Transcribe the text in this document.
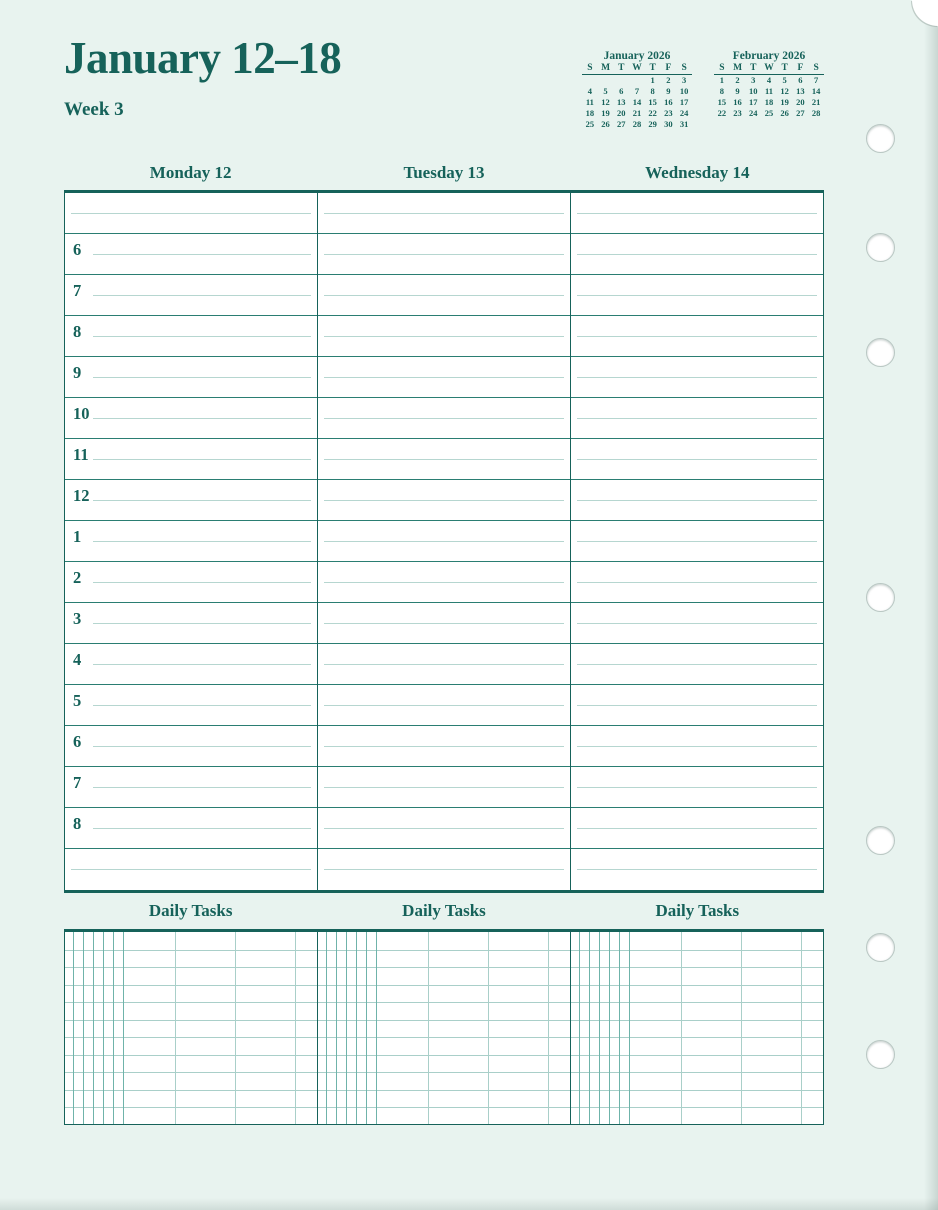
January 12–18
Week 3
January 2026
S	M	T	W	T	F	S
				1	2	3
4	5	6	7	8	9	10
11	12	13	14	15	16	17
18	19	20	21	22	23	24
25	26	27	28	29	30	31
February 2026
S	M	T	W	T	F	S
1	2	3	4	5	6	7
8	9	10	11	12	13	14
15	16	17	18	19	20	21
22	23	24	25	26	27	28

Monday 12	Tuesday 13	Wednesday 14
6
7
8
9
10
11
12
1
2
3
4
5
6
7
8
Daily Tasks	Daily Tasks	Daily Tasks
